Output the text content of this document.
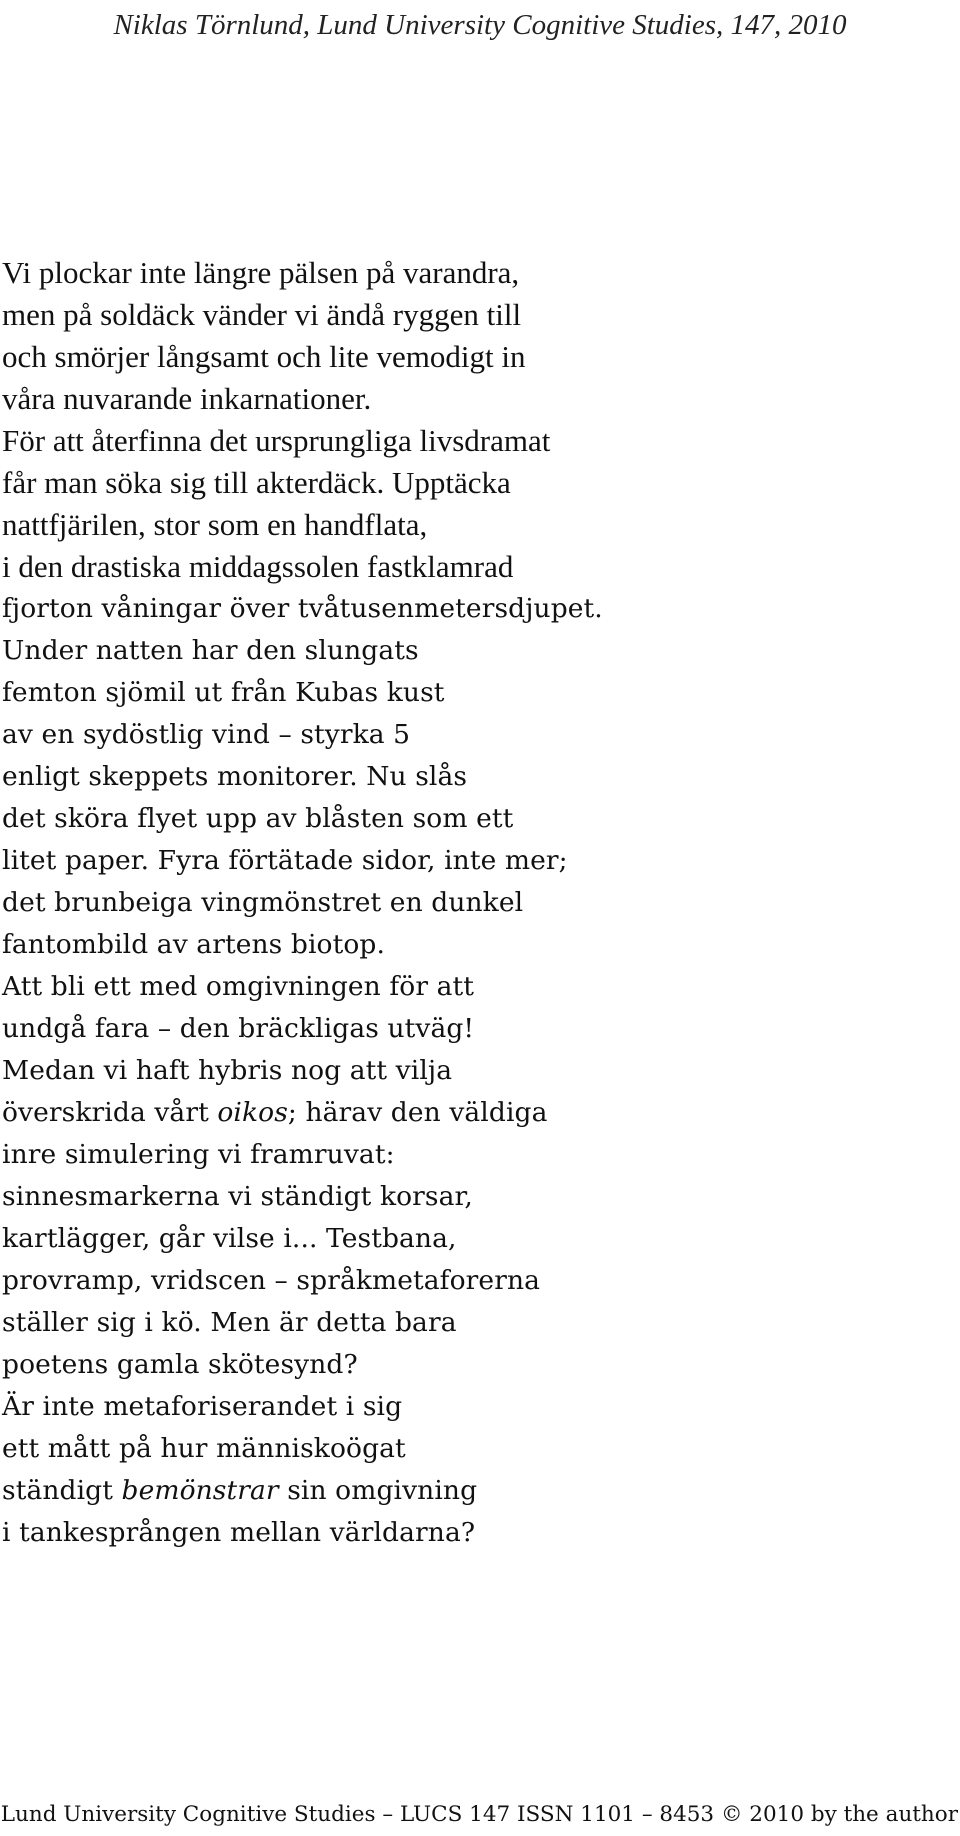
Niklas Törnlund, Lund University Cognitive Studies, 147, 2010
Vi plockar inte längre pälsen på varandra,
men på soldäck vänder vi ändå ryggen till
och smörjer långsamt och lite vemodigt in
våra nuvarande inkarnationer.
För att återfinna det ursprungliga livsdramat
får man söka sig till akterdäck. Upptäcka
nattfjärilen, stor som en handflata,
i den drastiska middagssolen fastklamrad
fjorton våningar över tvåtusenmetersdjupet.
Under natten har den slungats
femton sjömil ut från Kubas kust
av en sydöstlig vind – styrka 5
enligt skeppets monitorer. Nu slås
det sköra flyet upp av blåsten som ett
litet paper. Fyra förtätade sidor, inte mer;
det brunbeiga vingmönstret en dunkel
fantombild av artens biotop.
Att bli ett med omgivningen för att
undgå fara – den bräckligas utväg!
Medan vi haft hybris nog att vilja
överskrida vårt oikos; härav den väldiga
inre simulering vi framruvat:
sinnesmarkerna vi ständigt korsar,
kartlägger, går vilse i... Testbana,
provramp, vridscen – språkmetaforerna
ställer sig i kö. Men är detta bara
poetens gamla skötesynd?
Är inte metaforiserandet i sig
ett mått på hur människoögat
ständigt bemönstrar sin omgivning
i tankesprången mellan världarna?
Lund University Cognitive Studies – LUCS 147 ISSN 1101 – 8453 © 2010 by the author
